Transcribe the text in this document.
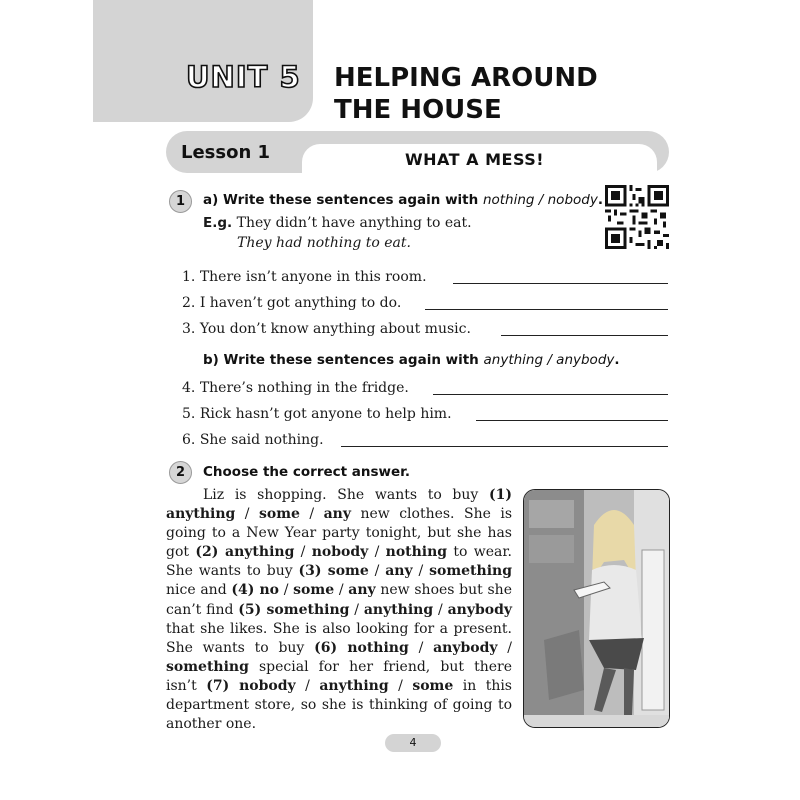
UNIT 5 HELPING AROUND
THE HOUSE
Lesson 1	WHAT A MESS!
1	a) Write these sentences again with nothing / nobody.
E.g. They didn’t have anything to eat.
They had nothing to eat.
1. There isn’t anyone in this room.
2. I haven’t got anything to do.
3. You don’t know anything about music.
b) Write these sentences again with anything / anybody.
4. There’s nothing in the fridge.
5. Rick hasn’t got anyone to help him.
6. She said nothing.
2	Choose the correct answer.
Liz is shopping. She wants to buy (1) anything / some / any new clothes. She is going to a New Year party tonight, but she has got (2) anything / nobody / nothing to wear. She wants to buy (3) some / any / something nice and (4) no / some / any new shoes but she can’t find (5) something / anything / anybody that she likes. She is also looking for a present. She wants to buy (6) nothing / anybody / something special for her friend, but there isn’t (7) nobody / anything / some in this department store, so she is thinking of going to another one.
4
